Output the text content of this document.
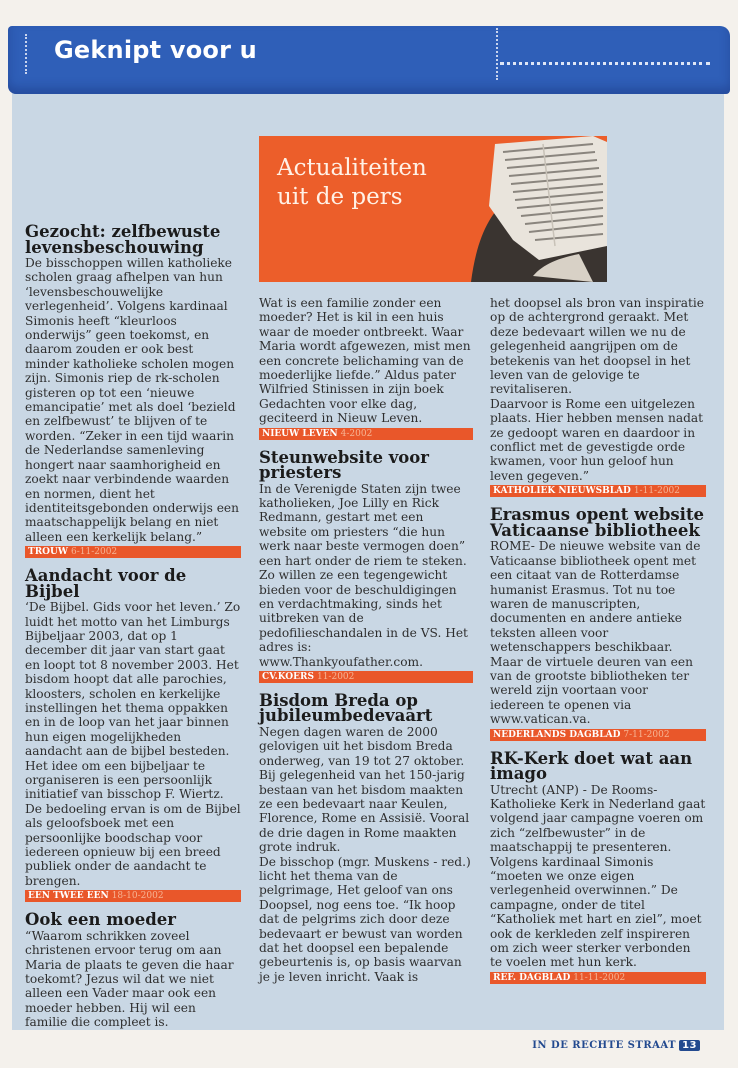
Geknipt voor u
Actualiteiten
uit de pers
Gezocht: zelfbewuste levensbeschouwing

De bisschoppen willen katholieke scholen graag afhelpen van hun ‘levensbeschouwelijke verlegenheid’. Volgens kardinaal Simonis heeft “kleurloos onderwijs” geen toekomst, en daarom zouden er ook best minder katholieke scholen mogen zijn. Simonis riep de rk-scholen gisteren op tot een ‘nieuwe emancipatie’ met als doel ‘bezield en zelfbewust’ te blijven of te worden. “Zeker in een tijd waarin de Nederlandse samenleving hongert naar saamhorigheid en zoekt naar verbindende waarden en normen, dient het identiteitsgebonden onderwijs een maatschappelijk belang en niet alleen een kerkelijk belang.”

TROUW 6-11-2002
Aandacht voor de Bijbel

‘De Bijbel. Gids voor het leven.’ Zo luidt het motto van het Limburgs Bijbeljaar 2003, dat op 1 december dit jaar van start gaat en loopt tot 8 november 2003. Het bisdom hoopt dat alle parochies, kloosters, scholen en kerkelijke instellingen het thema oppakken en in de loop van het jaar binnen hun eigen mogelijkheden aandacht aan de bijbel besteden. Het idee om een bijbeljaar te organiseren is een persoonlijk initiatief van bisschop F. Wiertz. De bedoeling ervan is om de Bijbel als geloofsboek met een persoonlijke boodschap voor iedereen opnieuw bij een breed publiek onder de aandacht te brengen.

EEN TWEE EEN 18-10-2002
Ook een moeder

“Waarom schrikken zoveel christenen ervoor terug om aan Maria de plaats te geven die haar toekomt? Jezus wil dat we niet alleen een Vader maar ook een moeder hebben. Hij wil een familie die compleet is.

Wat is een familie zonder een moeder? Het is kil in een huis waar de moeder ontbreekt. Waar Maria wordt afgewezen, mist men een concrete belichaming van de moederlijke liefde.” Aldus pater Wilfried Stinissen in zijn boek Gedachten voor elke dag, geciteerd in Nieuw Leven.

NIEUW LEVEN 4-2002
Steunwebsite voor priesters

In de Verenigde Staten zijn twee katholieken, Joe Lilly en Rick Redmann, gestart met een website om priesters “die hun werk naar beste vermogen doen” een hart onder de riem te steken. Zo willen ze een tegengewicht bieden voor de beschuldigingen en verdachtmaking, sinds het uitbreken van de pedofilieschandalen in de VS. Het adres is: www.Thankyoufather.com.

CV.KOERS 11-2002
Bisdom Breda op jubileumbedevaart

Negen dagen waren de 2000 gelovigen uit het bisdom Breda onderweg, van 19 tot 27 oktober. Bij gelegenheid van het 150-jarig bestaan van het bisdom maakten ze een bedevaart naar Keulen, Florence, Rome en Assisië. Vooral de drie dagen in Rome maakten grote indruk.

De bisschop (mgr. Muskens - red.) licht het thema van de pelgrimage, Het geloof van ons Doopsel, nog eens toe. “Ik hoop dat de pelgrims zich door deze bedevaart er bewust van worden dat het doopsel een bepalende gebeurtenis is, op basis waarvan je je leven inricht. Vaak is

het doopsel als bron van inspiratie op de achtergrond geraakt. Met deze bedevaart willen we nu de gelegenheid aangrijpen om de betekenis van het doopsel in het leven van de gelovige te revitaliseren.

Daarvoor is Rome een uitgelezen plaats. Hier hebben mensen nadat ze gedoopt waren en daardoor in conflict met de gevestigde orde kwamen, voor hun geloof hun leven gegeven.”

KATHOLIEK NIEUWSBLAD 1-11-2002
Erasmus opent website Vaticaanse bibliotheek

ROME- De nieuwe website van de Vaticaanse bibliotheek opent met een citaat van de Rotterdamse humanist Erasmus. Tot nu toe waren de manuscripten, documenten en andere antieke teksten alleen voor wetenschappers beschikbaar. Maar de virtuele deuren van een van de grootste bibliotheken ter wereld zijn voortaan voor iedereen te openen via www.vatican.va.

NEDERLANDS DAGBLAD 7-11-2002
RK-Kerk doet wat aan imago

Utrecht (ANP) - De Rooms-Katholieke Kerk in Nederland gaat volgend jaar campagne voeren om zich “zelfbewuster” in de maatschappij te presenteren. Volgens kardinaal Simonis “moeten we onze eigen verlegenheid overwinnen.” De campagne, onder de titel “Katholiek met hart en ziel”, moet ook de kerkleden zelf inspireren om zich weer sterker verbonden te voelen met hun kerk.

REF. DAGBLAD 11-11-2002
IN DE RECHTE STRAAT 13
